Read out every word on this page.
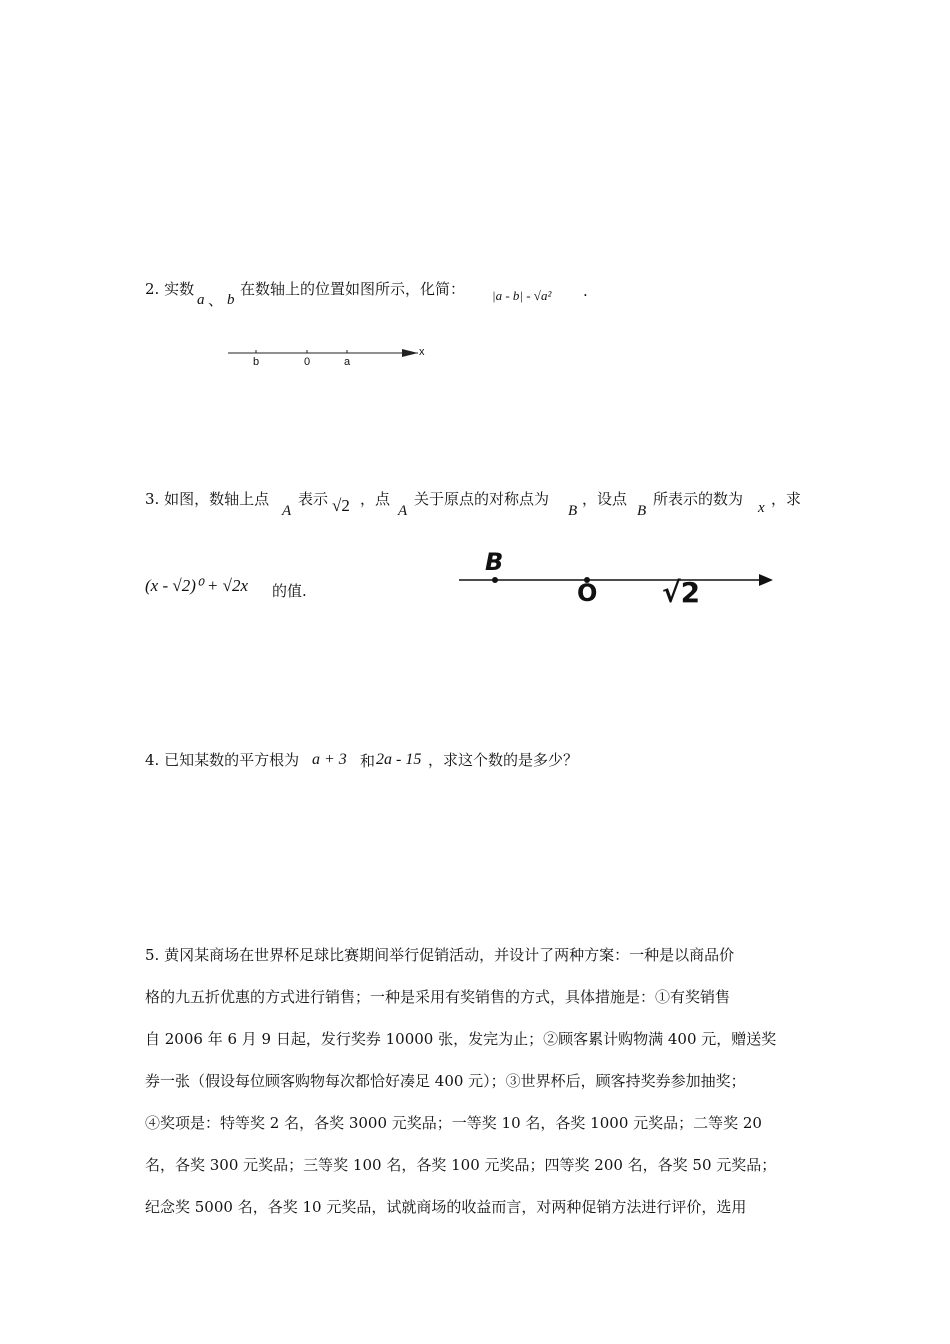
2. 实数
a 、 b
在数轴上的位置如图所示，化简： |a - b| - √a² .
b	0	a
x
3. 如图，数轴上点
A
表示 √2 ，点
A
关于原点的对称点为
B
，设点
B
所表示的数为 x ，求
(x - √2)⁰ + √2x 的值.
B
O √2
4. 已知某数的平方根为 a + 3 和 2a - 15 ，求这个数的是多少？
5. 黄冈某商场在世界杯足球比赛期间举行促销活动，并设计了两种方案：一种是以商品价
格的九五折优惠的方式进行销售；一种是采用有奖销售的方式，具体措施是：①有奖销售
自 2006 年 6 月 9 日起，发行奖券 10000 张，发完为止；②顾客累计购物满 400 元，赠送奖
券一张（假设每位顾客购物每次都恰好凑足 400 元）；③世界杯后，顾客持奖券参加抽奖；
④奖项是：特等奖 2 名，各奖 3000 元奖品；一等奖 10 名，各奖 1000 元奖品；二等奖 20
名，各奖 300 元奖品；三等奖 100 名，各奖 100 元奖品；四等奖 200 名，各奖 50 元奖品；
纪念奖 5000 名，各奖 10 元奖品，试就商场的收益而言，对两种促销方法进行评价，选用
